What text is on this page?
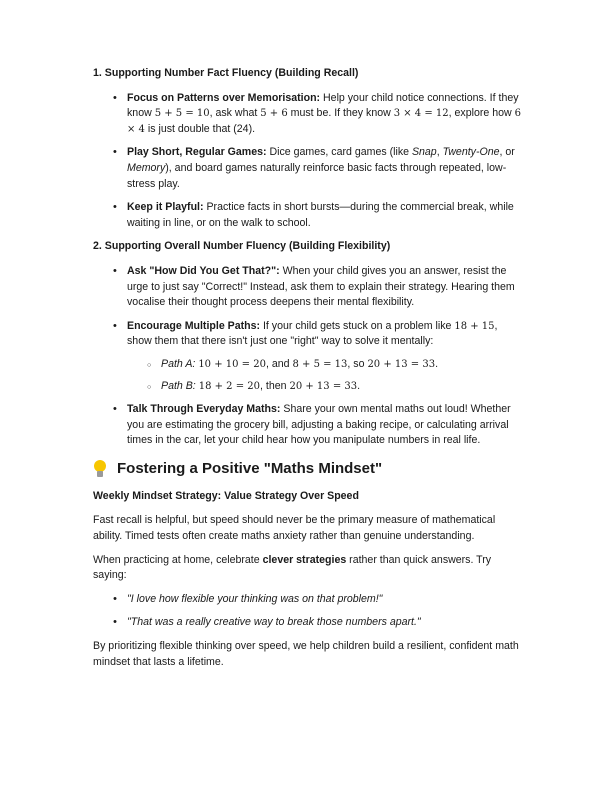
1. Supporting Number Fact Fluency (Building Recall)
• Focus on Patterns over Memorisation: Help your child notice connections. If they know 5 + 5 = 10, ask what 5 + 6 must be. If they know 3 × 4 = 12, explore how 6 × 4 is just double that (24).
• Play Short, Regular Games: Dice games, card games (like Snap, Twenty-One, or Memory), and board games naturally reinforce basic facts through repeated, low-stress play.
• Keep it Playful: Practice facts in short bursts—during the commercial break, while waiting in line, or on the walk to school.
2. Supporting Overall Number Fluency (Building Flexibility)
• Ask "How Did You Get That?": When your child gives you an answer, resist the urge to just say "Correct!" Instead, ask them to explain their strategy. Hearing them vocalise their thought process deepens their mental flexibility.
• Encourage Multiple Paths: If your child gets stuck on a problem like 18 + 15, show them that there isn't just one "right" way to solve it mentally:
○ Path A: 10 + 10 = 20, and 8 + 5 = 13, so 20 + 13 = 33.
○ Path B: 18 + 2 = 20, then 20 + 13 = 33.
• Talk Through Everyday Maths: Share your own mental maths out loud! Whether you are estimating the grocery bill, adjusting a baking recipe, or calculating arrival times in the car, let your child hear how you manipulate numbers in real life.
Fostering a Positive "Maths Mindset"
Weekly Mindset Strategy: Value Strategy Over Speed

Fast recall is helpful, but speed should never be the primary measure of mathematical ability. Timed tests often create maths anxiety rather than genuine understanding.

When practicing at home, celebrate clever strategies rather than quick answers. Try saying:

• "I love how flexible your thinking was on that problem!"
• "That was a really creative way to break those numbers apart."

By prioritizing flexible thinking over speed, we help children build a resilient, confident math mindset that lasts a lifetime.
